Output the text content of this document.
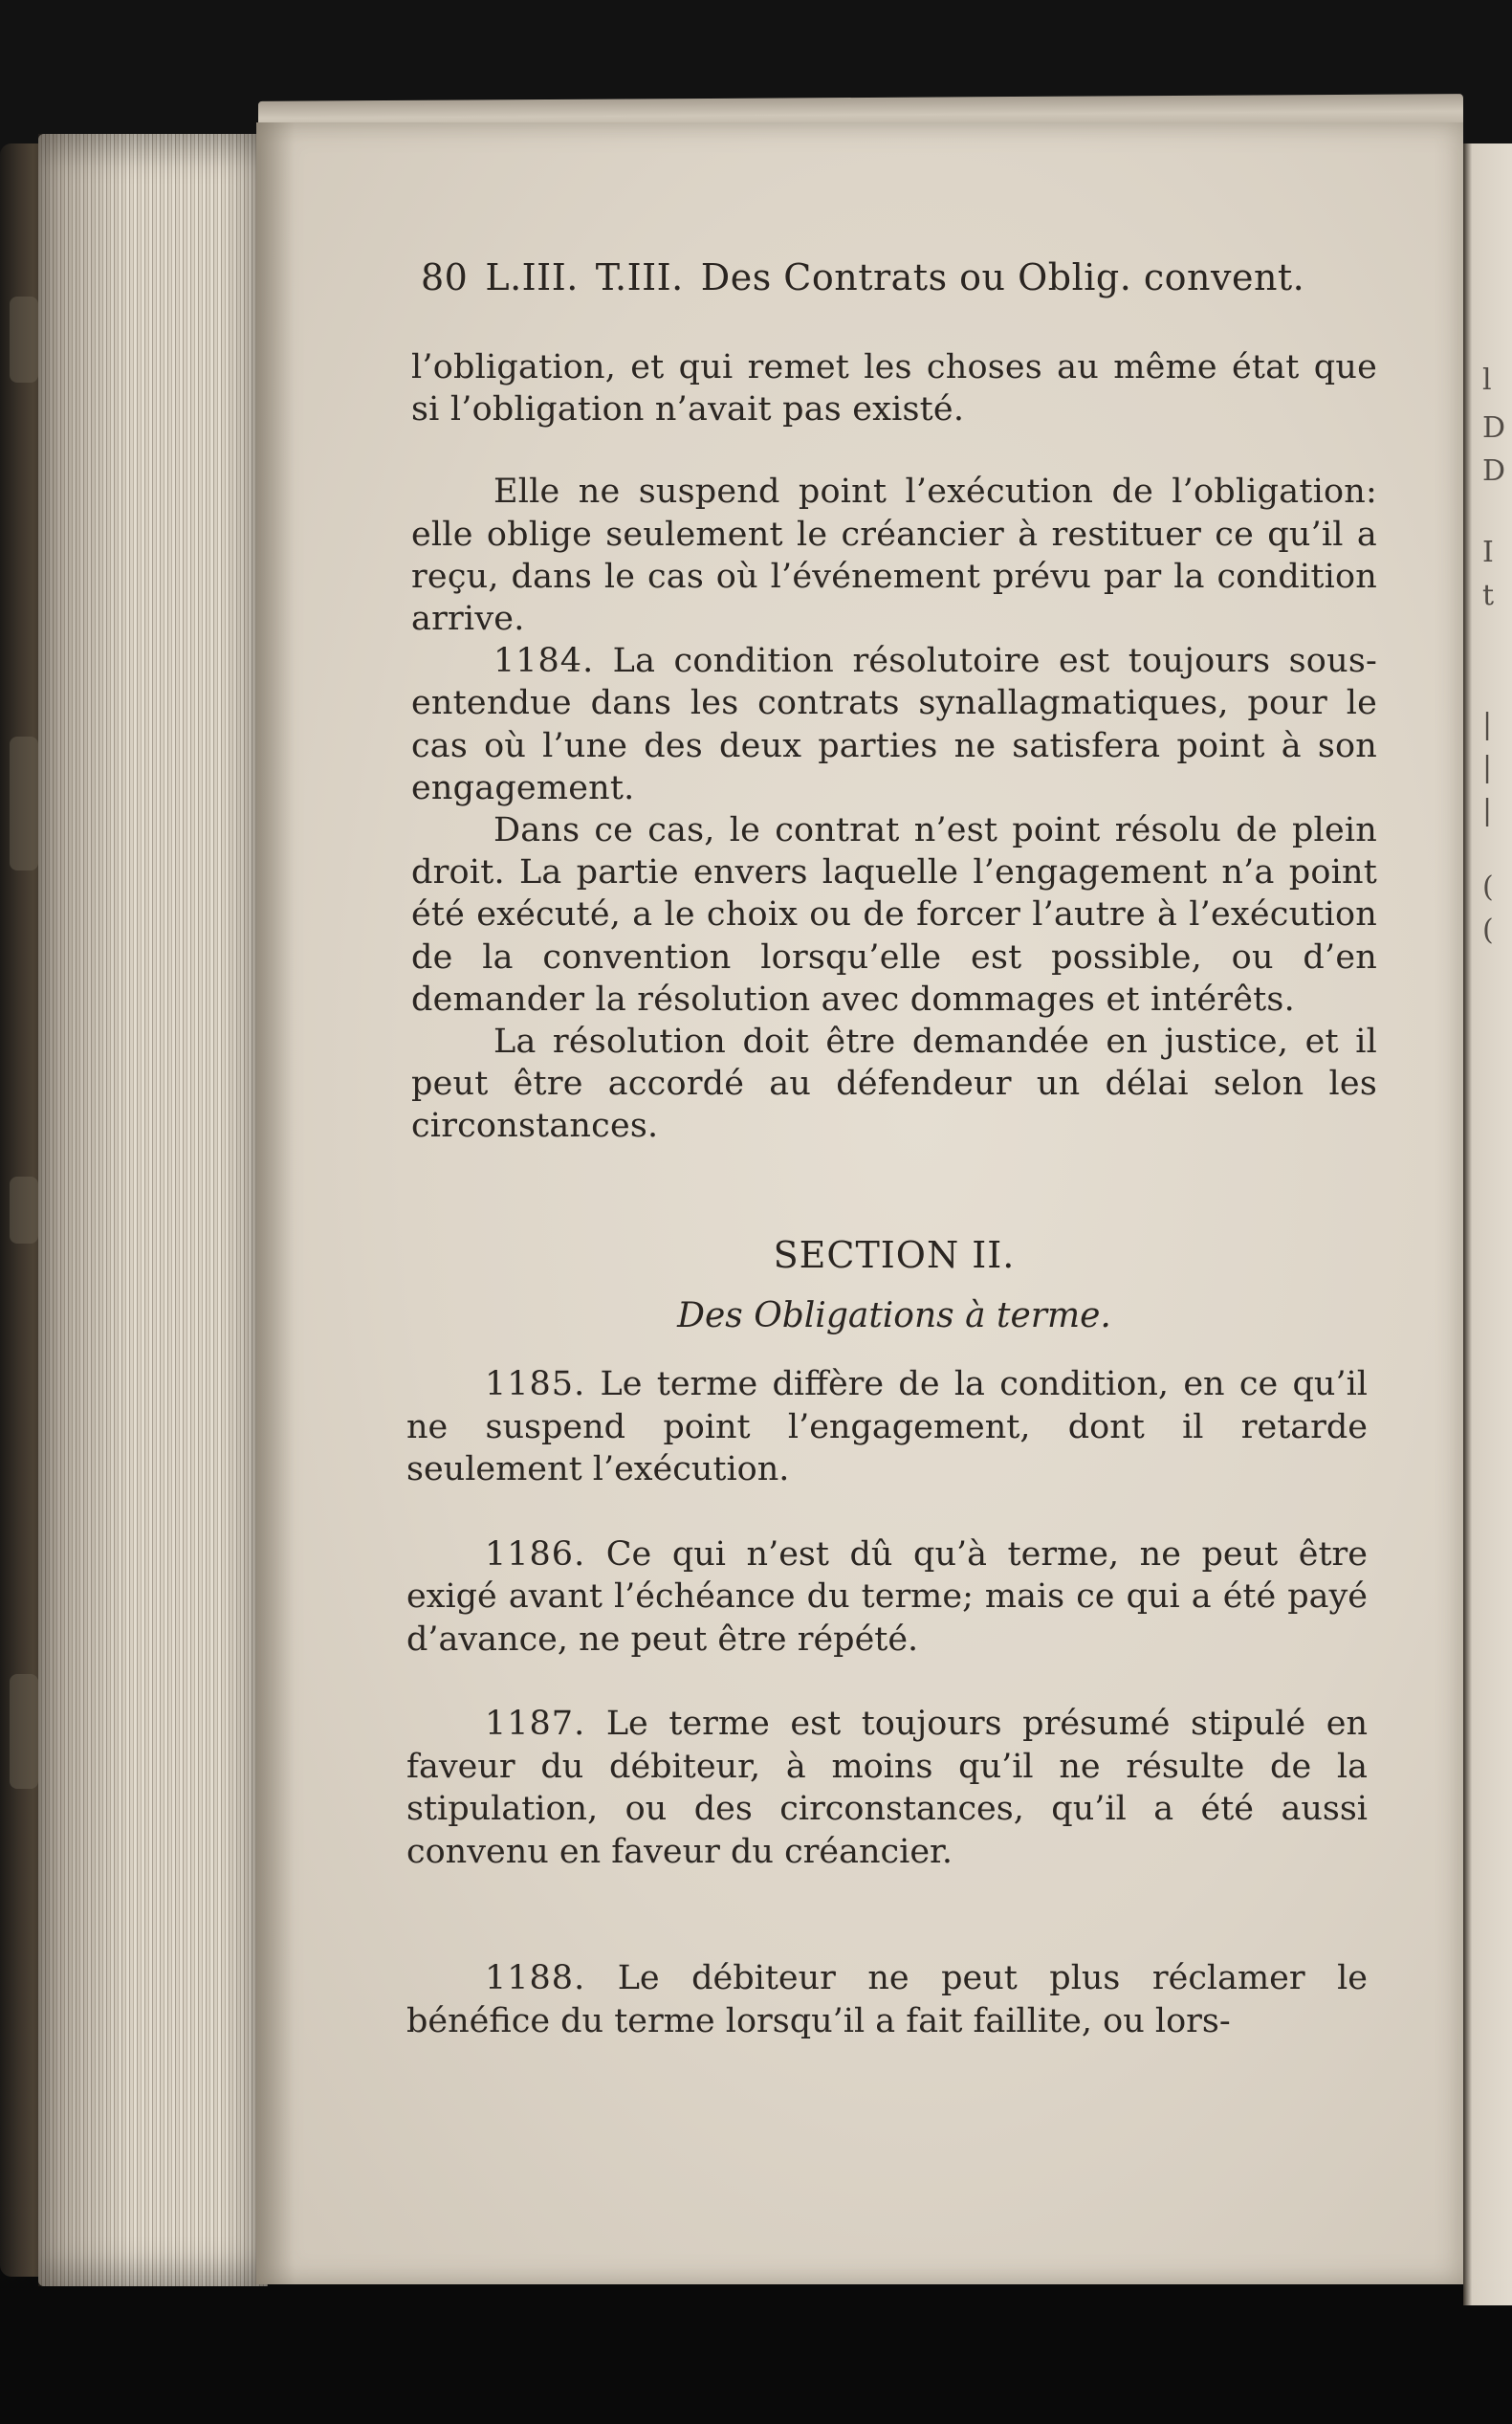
l
D
D
I
t
|
|
|
(
(
80 L.III. T.III. Des Contrats ou Oblig. convent.

l’obligation, et qui remet les choses au même état que si l’obligation n’avait pas existé.

Elle ne suspend point l’exécution de l’obligation: elle oblige seulement le créancier à restituer ce qu’il a reçu, dans le cas où l’événement prévu par la condition arrive.

1184. La condition résolutoire est toujours sous-entendue dans les contrats synallagmatiques, pour le cas où l’une des deux parties ne satisfera point à son engagement.

Dans ce cas, le contrat n’est point résolu de plein droit. La partie envers laquelle l’engagement n’a point été exécuté, a le choix ou de forcer l’autre à l’exécution de la convention lorsqu’elle est possible, ou d’en demander la résolution avec dommages et intérêts.

La résolution doit être demandée en justice, et il peut être accordé au défendeur un délai selon les circonstances.

SECTION II.
Des Obligations à terme.

1185. Le terme diffère de la condition, en ce qu’il ne suspend point l’engagement, dont il retarde seulement l’exécution.

1186. Ce qui n’est dû qu’à terme, ne peut être exigé avant l’échéance du terme; mais ce qui a été payé d’avance, ne peut être répété.

1187. Le terme est toujours présumé stipulé en faveur du débiteur, à moins qu’il ne résulte de la stipulation, ou des circonstances, qu’il a été aussi convenu en faveur du créancier.

1188. Le débiteur ne peut plus réclamer le bénéfice du terme lorsqu’il a fait faillite, ou lors-
